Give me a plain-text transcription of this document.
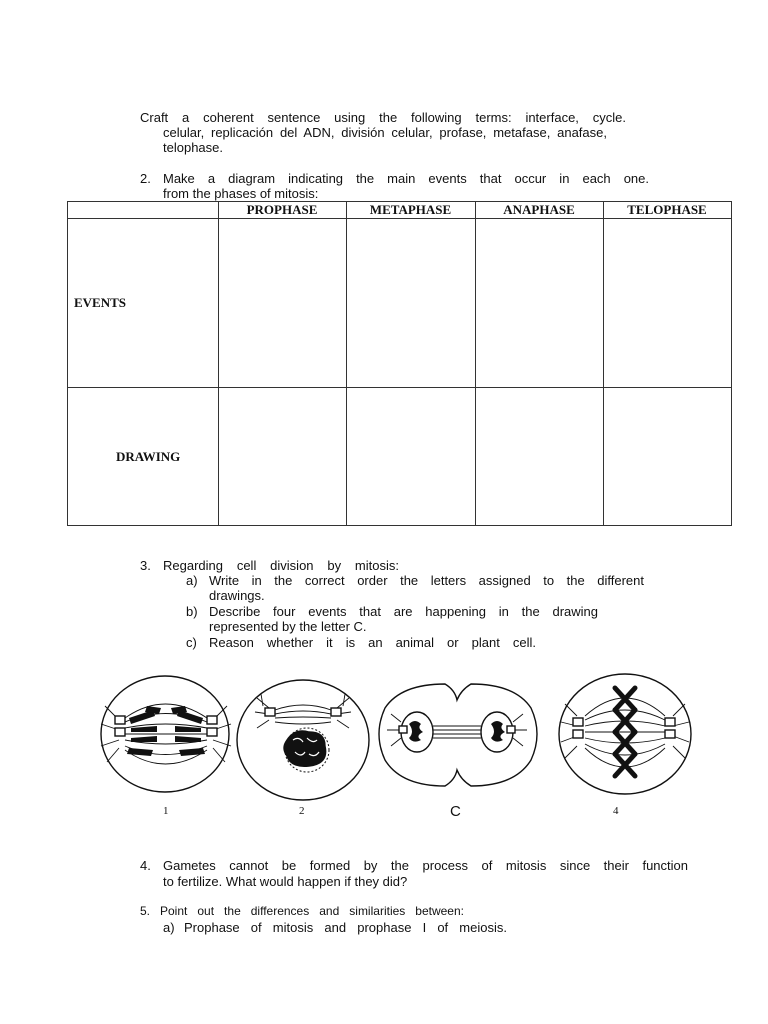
Craft a coherent sentence using the following terms: interface, cycle.
celular, replicación del ADN, división celular, profase, metafase, anafase,
telophase.
2. Make a diagram indicating the main events that occur in each one.
from the phases of mitosis:
PROPHASE	METAPHASE	ANAPHASE	TELOPHASE
EVENTS
DRAWING
3. Regarding cell division by mitosis:
a) Write in the correct order the letters assigned to the different
drawings.
b) Describe four events that are happening in the drawing
represented by the letter C.
c) Reason whether it is an animal or plant cell.
1	2	C	4
4. Gametes cannot be formed by the process of mitosis since their function
to fertilize. What would happen if they did?
5. Point out the differences and similarities between:
a) Prophase of mitosis and prophase I of meiosis.
